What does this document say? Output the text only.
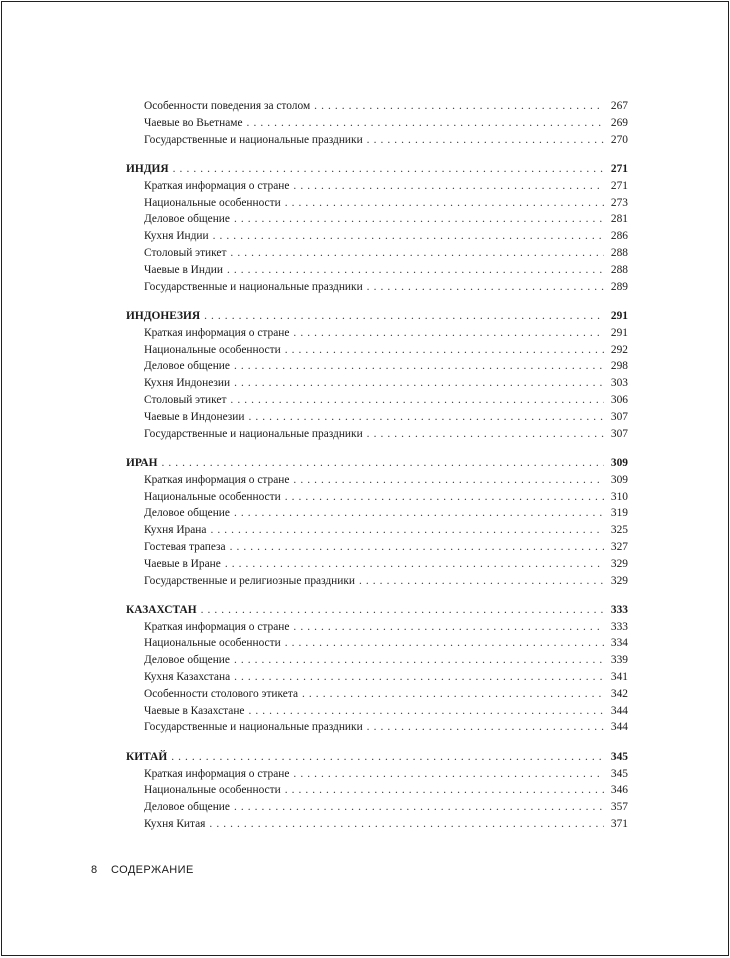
Особенности поведения за столом . . .	267
Чаевые во Вьетнаме . . .	269
Государственные и национальные праздники . . .	270
ИНДИЯ . . .	271
Краткая информация о стране . . .	271
Национальные особенности . . .	273
Деловое общение . . .	281
Кухня Индии . . .	286
Столовый этикет . . .	288
Чаевые в Индии . . .	288
Государственные и национальные праздники . . .	289
ИНДОНЕЗИЯ . . .	291
Краткая информация о стране . . .	291
Национальные особенности . . .	292
Деловое общение . . .	298
Кухня Индонезии . . .	303
Столовый этикет . . .	306
Чаевые в Индонезии . . .	307
Государственные и национальные праздники . . .	307
ИРАН . . .	309
Краткая информация о стране . . .	309
Национальные особенности . . .	310
Деловое общение . . .	319
Кухня Ирана . . .	325
Гостевая трапеза . . .	327
Чаевые в Иране . . .	329
Государственные и религиозные праздники . . .	329
КАЗАХСТАН . . .	333
Краткая информация о стране . . .	333
Национальные особенности . . .	334
Деловое общение . . .	339
Кухня Казахстана . . .	341
Особенности столового этикета . . .	342
Чаевые в Казахстане . . .	344
Государственные и национальные праздники . . .	344
КИТАЙ . . .	345
Краткая информация о стране . . .	345
Национальные особенности . . .	346
Деловое общение . . .	357
Кухня Китая . . .	371
8 СОДЕРЖАНИЕ
